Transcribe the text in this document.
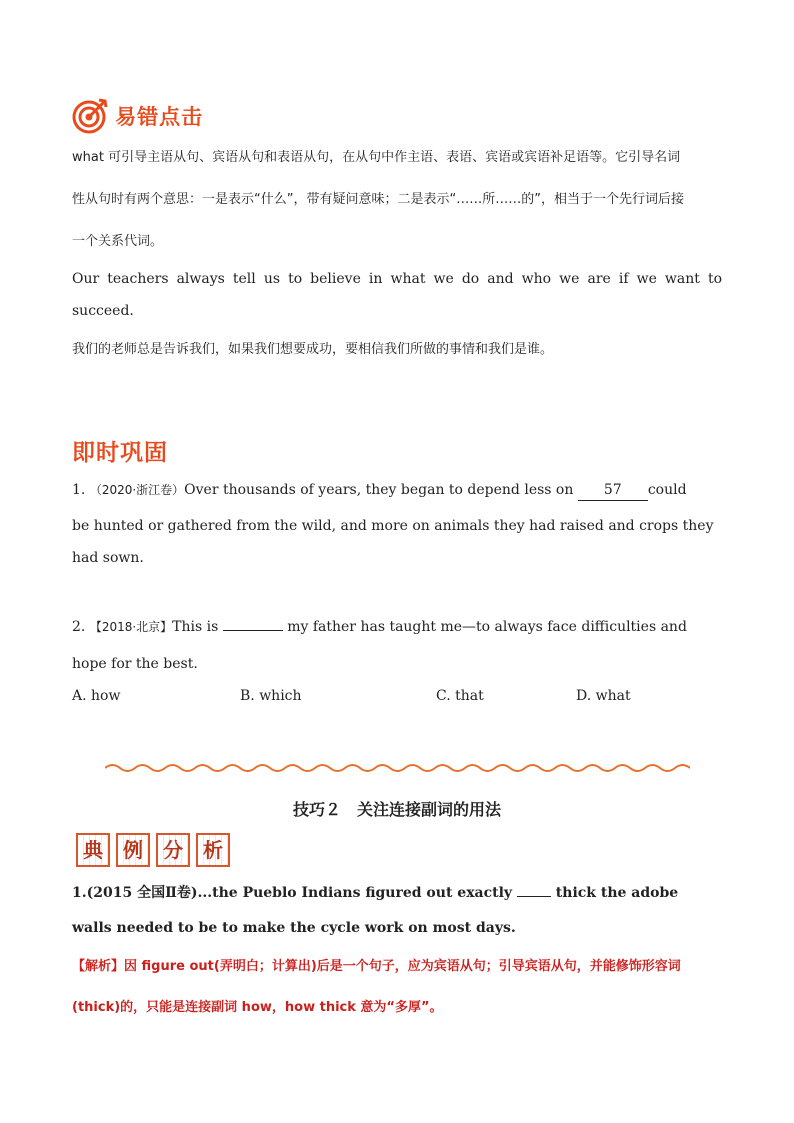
易错点击
what 可引导主语从句、宾语从句和表语从句，在从句中作主语、表语、宾语或宾语补足语等。它引导名词
性从句时有两个意思：一是表示“什么”，带有疑问意味；二是表示“……所……的”，相当于一个先行词后接
一个关系代词。
Our teachers always tell us to believe in what we do and who we are if we want to
succeed.
我们的老师总是告诉我们，如果我们想要成功，要相信我们所做的事情和我们是谁。
即时巩固
1. （2020·浙江卷）Over thousands of years, they began to depend less on 57 could
be hunted or gathered from the wild, and more on animals they had raised and crops they
had sown.
2. 【2018·北京】This is	my father has taught me—to always face difficulties and
hope for the best.
A. how	B. which	C. that	D. what
技巧２　关注连接副词的用法
典 例 分 析
1.(2015 全国Ⅱ卷)...the Pueblo Indians figured out exactly  thick the adobe
walls needed to be to make the cycle work on most days.
【解析】因 figure out(弄明白；计算出)后是一个句子，应为宾语从句；引导宾语从句，并能修饰形容词
(thick)的，只能是连接副词 how，how thick 意为“多厚”。
